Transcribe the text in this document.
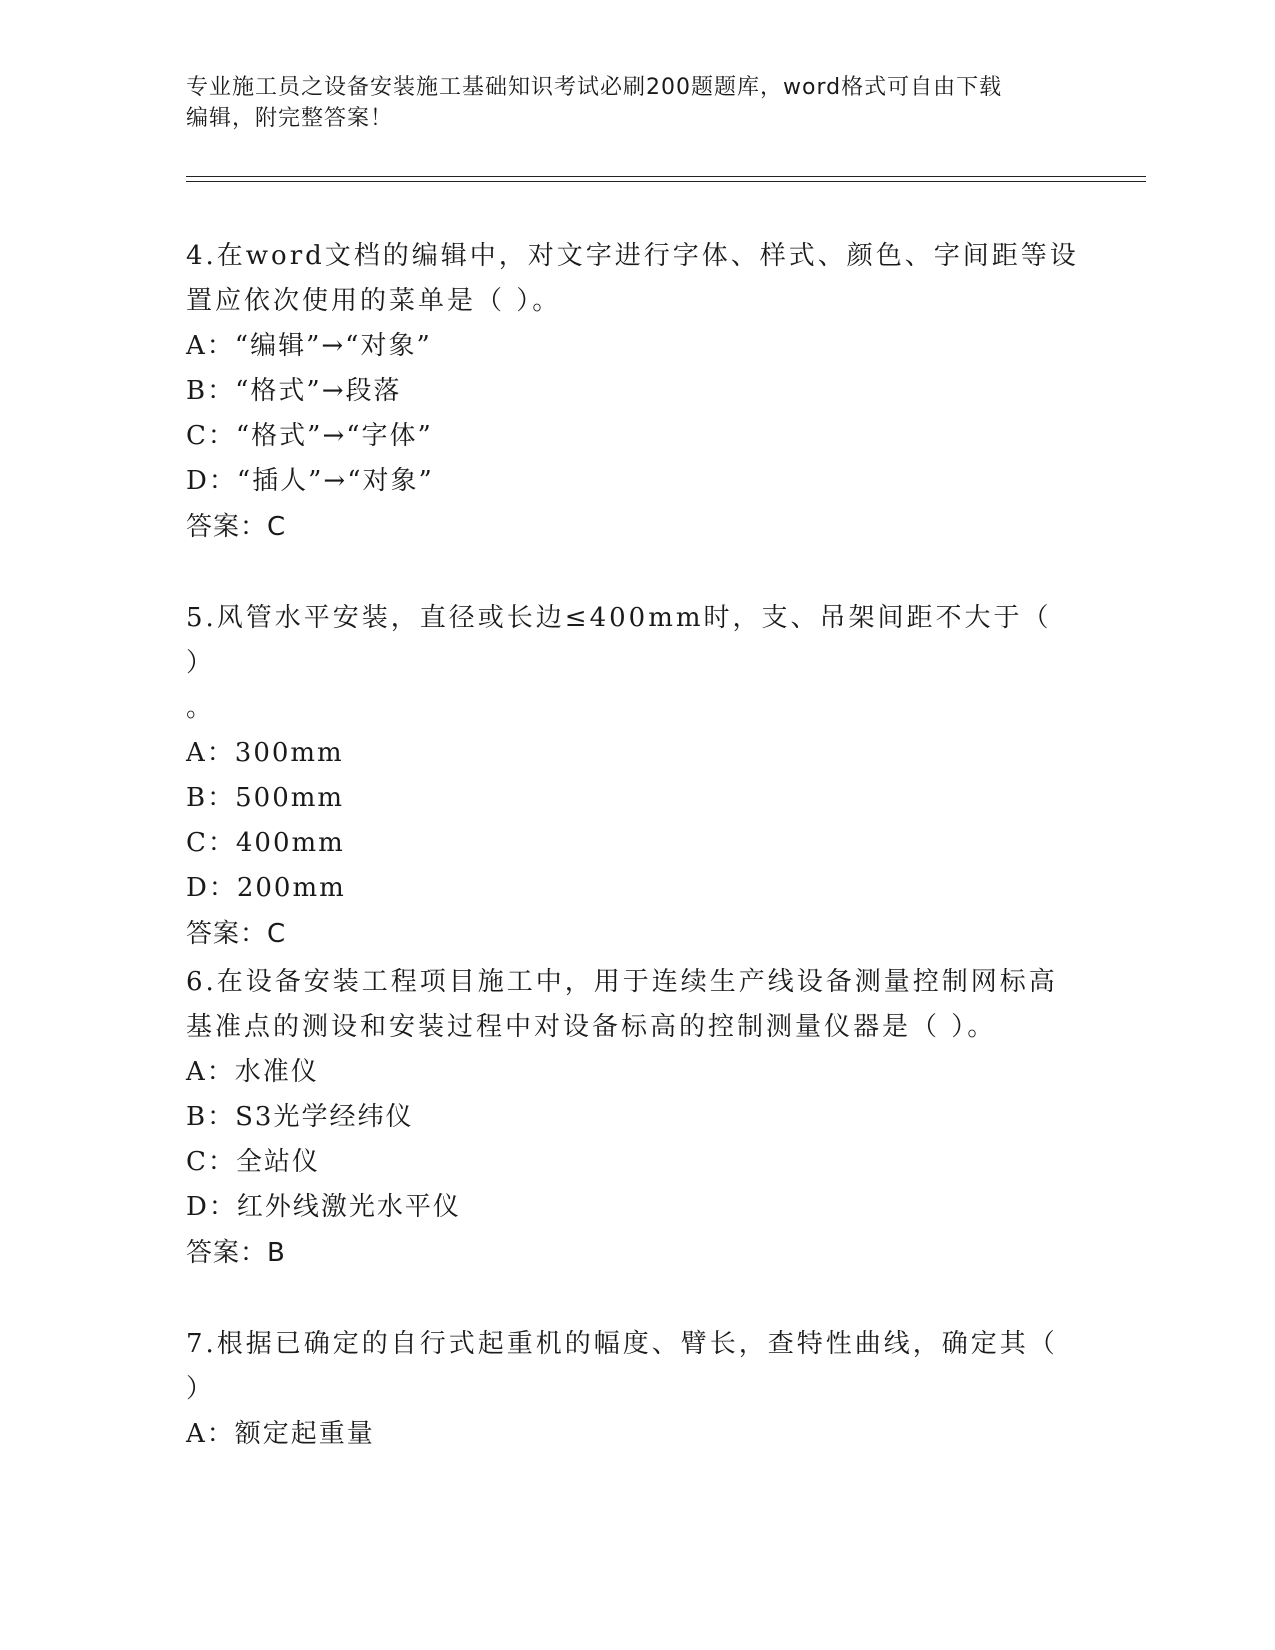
专业施工员之设备安装施工基础知识考试必刷200题题库，word格式可自由下载
编辑，附完整答案！
4.在word文档的编辑中，对文字进行字体、样式、颜色、字间距等设
置应依次使用的菜单是（ ）。
A：“编辑”→“对象”
B：“格式”→段落
C：“格式”→“字体”
D：“插人”→“对象”
答案：C
5.风管水平安装，直径或长边≤400mm时，支、吊架间距不大于（ ）
。
A：300mm
B：500mm
C：400mm
D：200mm
答案：C
6.在设备安装工程项目施工中，用于连续生产线设备测量控制网标高
基准点的测设和安装过程中对设备标高的控制测量仪器是（ ）。
A：水准仪
B：S3光学经纬仪
C：全站仪
D：红外线激光水平仪
答案：B
7.根据已确定的自行式起重机的幅度、臂长，查特性曲线，确定其（
）
A：额定起重量
